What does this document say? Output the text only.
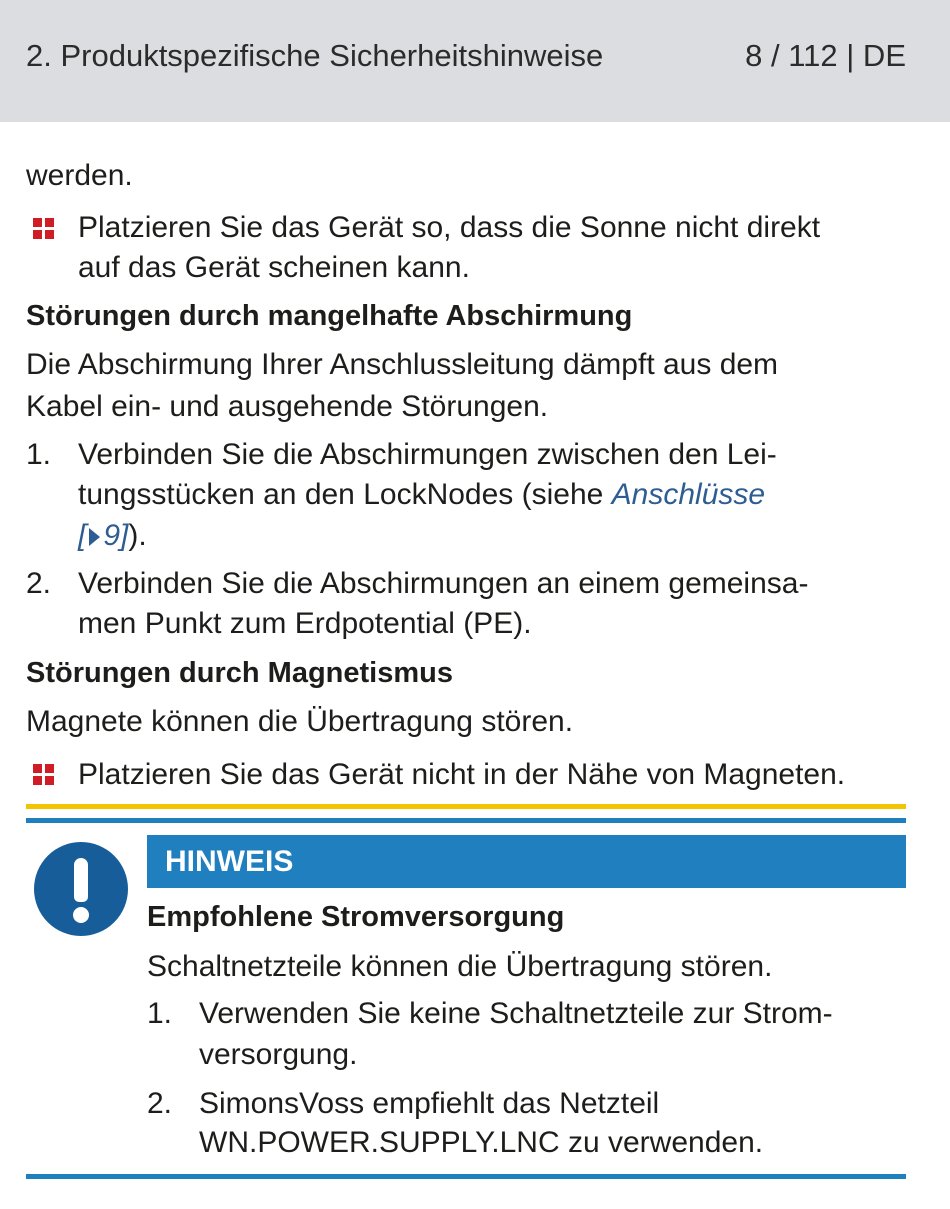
2. Produktspezifische Sicherheitshinweise	8 / 112 | DE
werden.
Platzieren Sie das Gerät so, dass die Sonne nicht direkt
auf das Gerät scheinen kann.
Störungen durch mangelhafte Abschirmung
Die Abschirmung Ihrer Anschlussleitung dämpft aus dem
Kabel ein- und ausgehende Störungen.
1. Verbinden Sie die Abschirmungen zwischen den Lei-
tungsstücken an den LockNodes (siehe Anschlüsse
[ 9]).
2. Verbinden Sie die Abschirmungen an einem gemeinsa-
men Punkt zum Erdpotential (PE).
Störungen durch Magnetismus
Magnete können die Übertragung stören.
Platzieren Sie das Gerät nicht in der Nähe von Magneten.
HINWEIS
Empfohlene Stromversorgung
Schaltnetzteile können die Übertragung stören.
1. Verwenden Sie keine Schaltnetzteile zur Strom-
versorgung.
2. SimonsVoss empfiehlt das Netzteil
WN.POWER.SUPPLY.LNC zu verwenden.
